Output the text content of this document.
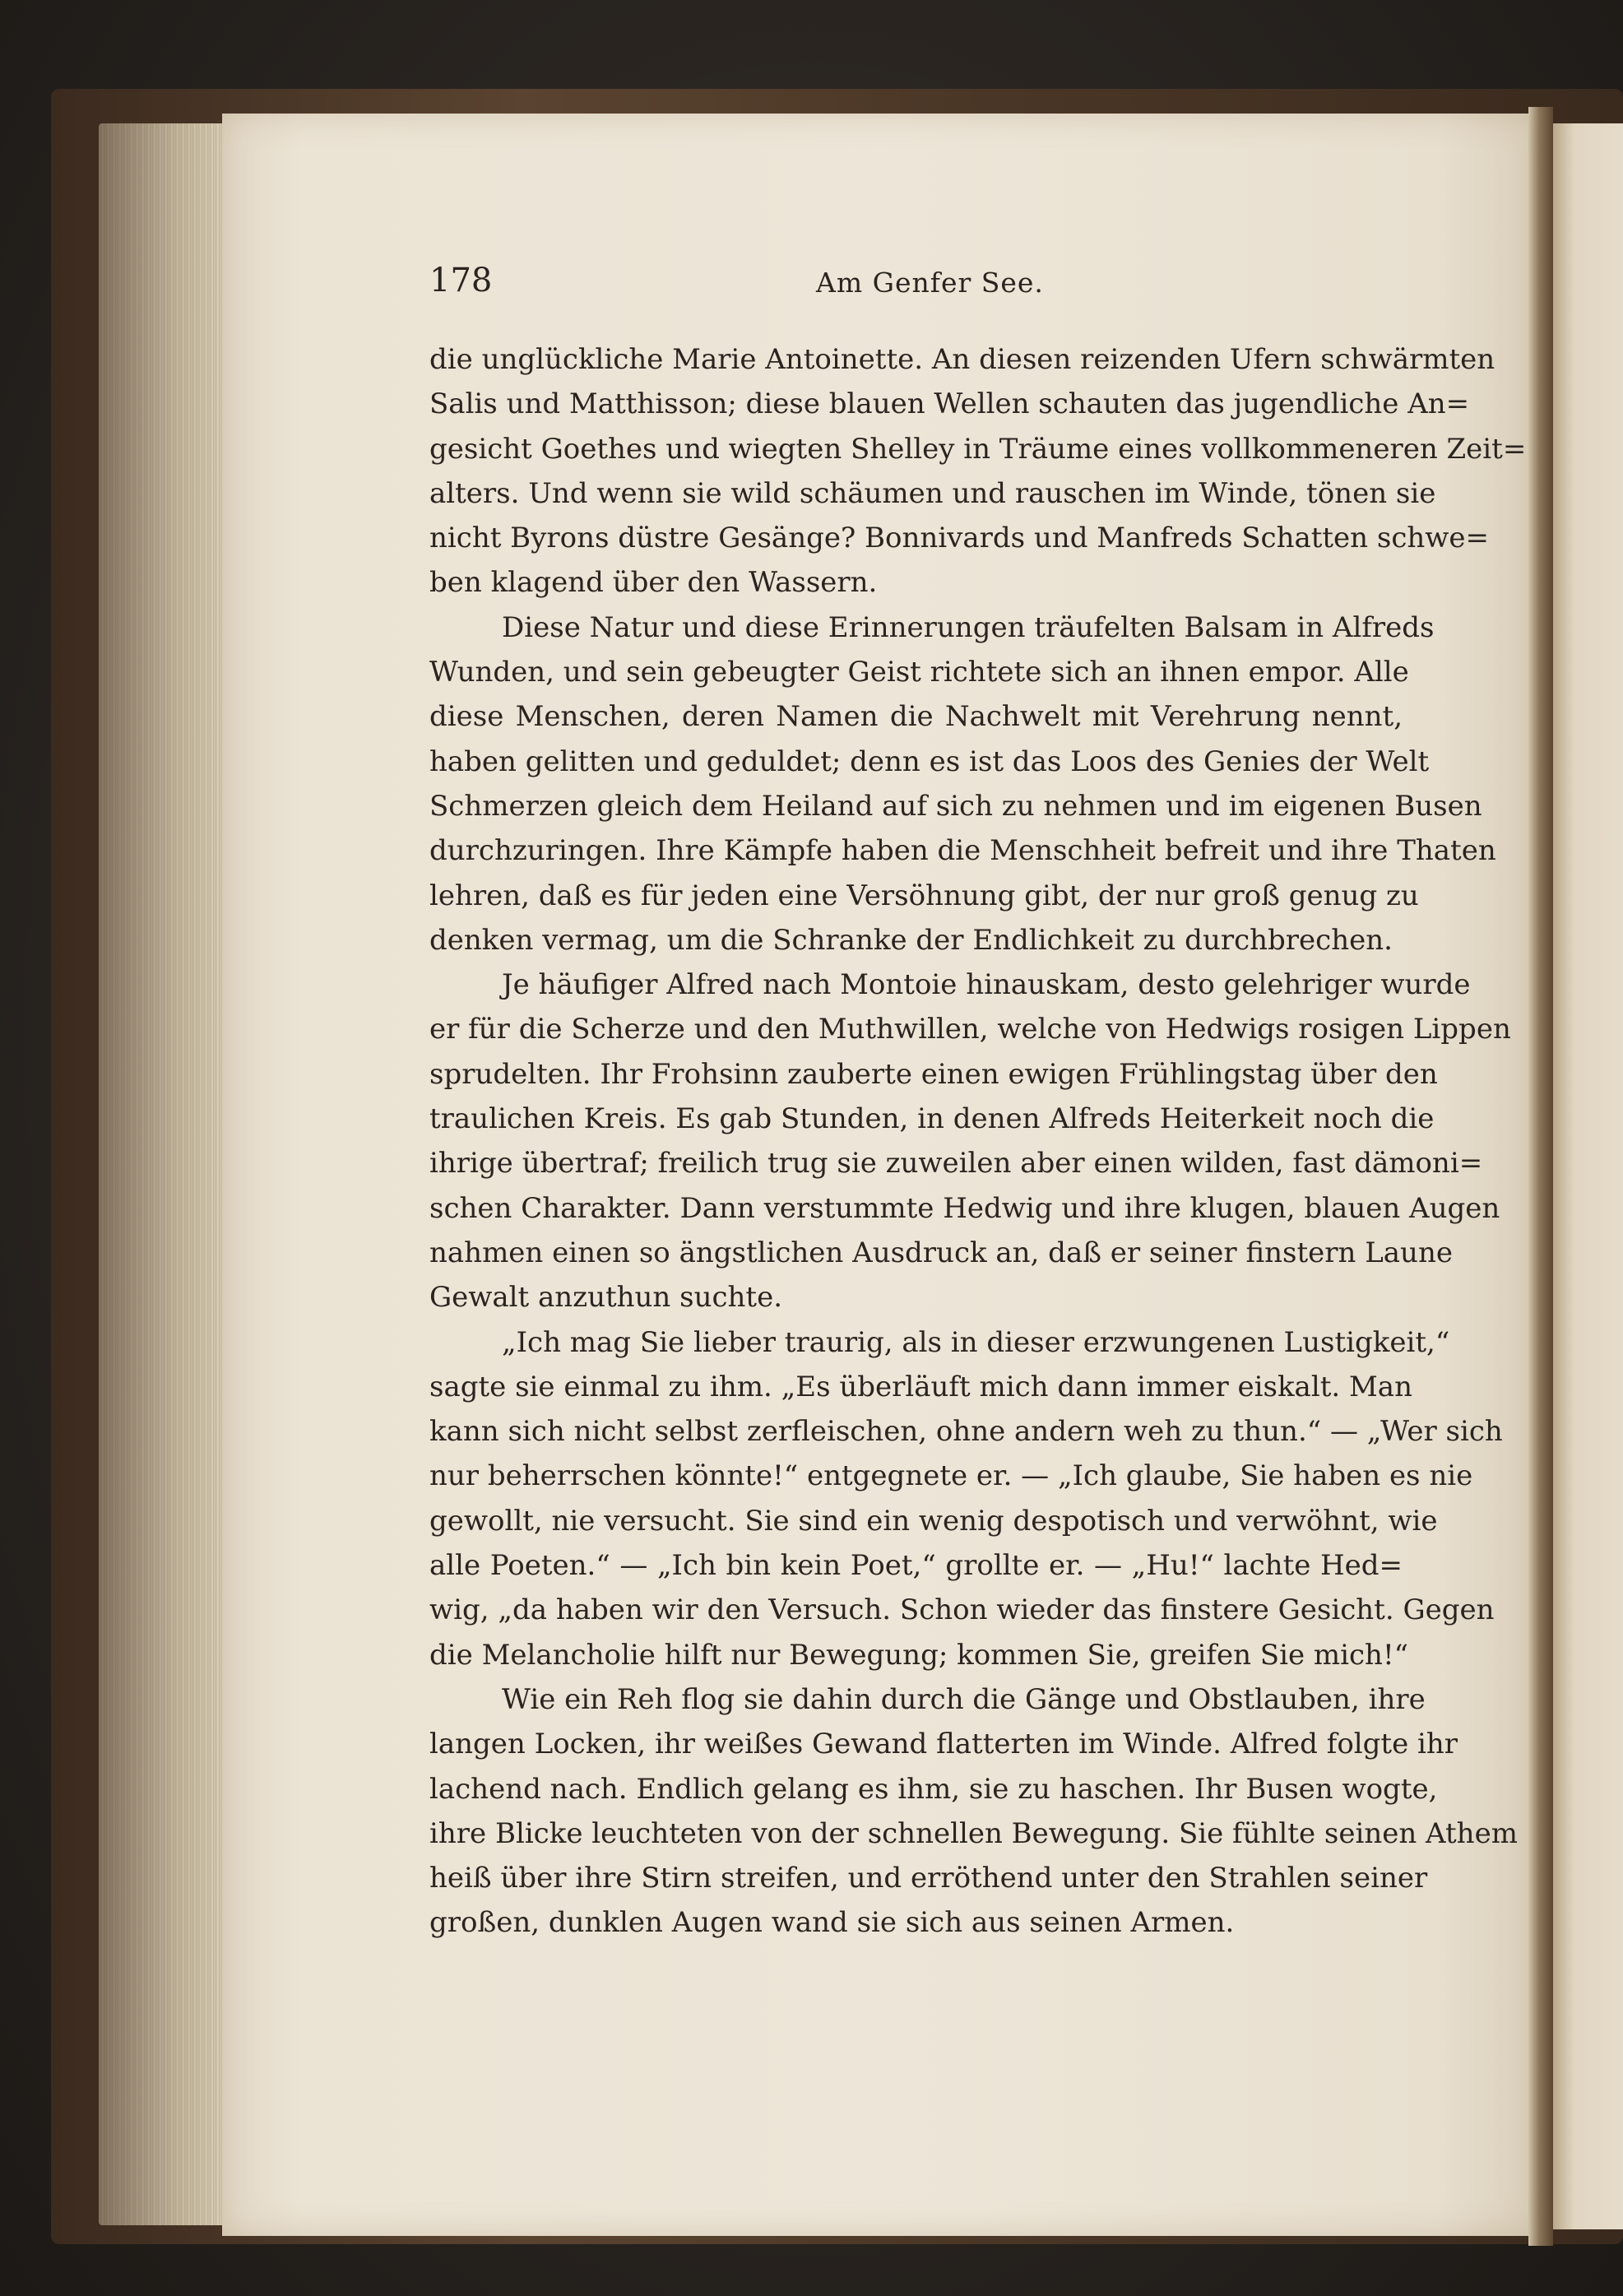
178	Am Genfer See.
die unglückliche Marie Antoinette. An diesen reizenden Ufern schwärmten
Salis und Matthisson; diese blauen Wellen schauten das jugendliche An=
gesicht Goethes und wiegten Shelley in Träume eines vollkommeneren Zeit=
alters. Und wenn sie wild schäumen und rauschen im Winde, tönen sie
nicht Byrons düstre Gesänge? Bonnivards und Manfreds Schatten schwe=
ben klagend über den Wassern.
Diese Natur und diese Erinnerungen träufelten Balsam in Alfreds
Wunden, und sein gebeugter Geist richtete sich an ihnen empor. Alle
diese Menschen, deren Namen die Nachwelt mit Verehrung nennt,
haben gelitten und geduldet; denn es ist das Loos des Genies der Welt
Schmerzen gleich dem Heiland auf sich zu nehmen und im eigenen Busen
durchzuringen. Ihre Kämpfe haben die Menschheit befreit und ihre Thaten
lehren, daß es für jeden eine Versöhnung gibt, der nur groß genug zu
denken vermag, um die Schranke der Endlichkeit zu durchbrechen.
Je häufiger Alfred nach Montoie hinauskam, desto gelehriger wurde
er für die Scherze und den Muthwillen, welche von Hedwigs rosigen Lippen
sprudelten. Ihr Frohsinn zauberte einen ewigen Frühlingstag über den
traulichen Kreis. Es gab Stunden, in denen Alfreds Heiterkeit noch die
ihrige übertraf; freilich trug sie zuweilen aber einen wilden, fast dämoni=
schen Charakter. Dann verstummte Hedwig und ihre klugen, blauen Augen
nahmen einen so ängstlichen Ausdruck an, daß er seiner finstern Laune
Gewalt anzuthun suchte.
„Ich mag Sie lieber traurig, als in dieser erzwungenen Lustigkeit,“
sagte sie einmal zu ihm. „Es überläuft mich dann immer eiskalt. Man
kann sich nicht selbst zerfleischen, ohne andern weh zu thun.“ — „Wer sich
nur beherrschen könnte!“ entgegnete er. — „Ich glaube, Sie haben es nie
gewollt, nie versucht. Sie sind ein wenig despotisch und verwöhnt, wie
alle Poeten.“ — „Ich bin kein Poet,“ grollte er. — „Hu!“ lachte Hed=
wig, „da haben wir den Versuch. Schon wieder das finstere Gesicht. Gegen
die Melancholie hilft nur Bewegung; kommen Sie, greifen Sie mich!“
Wie ein Reh flog sie dahin durch die Gänge und Obstlauben, ihre
langen Locken, ihr weißes Gewand flatterten im Winde. Alfred folgte ihr
lachend nach. Endlich gelang es ihm, sie zu haschen. Ihr Busen wogte,
ihre Blicke leuchteten von der schnellen Bewegung. Sie fühlte seinen Athem
heiß über ihre Stirn streifen, und erröthend unter den Strahlen seiner
großen, dunklen Augen wand sie sich aus seinen Armen.
